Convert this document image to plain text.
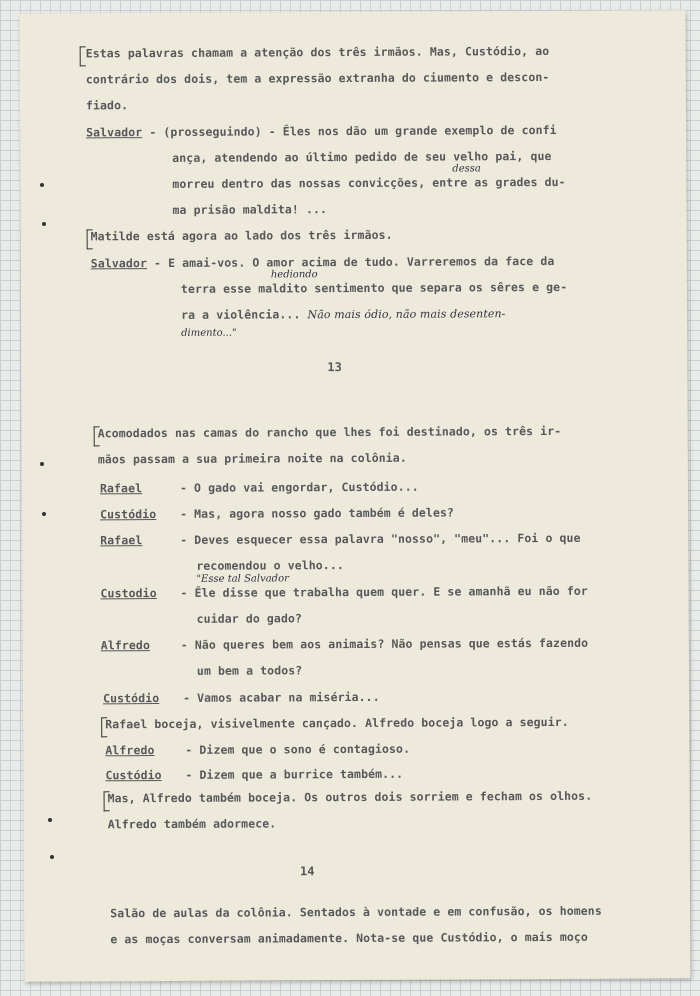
Estas palavras chamam a atenção dos três irmãos. Mas, Custódio, ao
contrário dos dois, tem a expressão extranha do ciumento e descon-
fiado.
Salvador - (prosseguindo) - Êles nos dão um grande exemplo de confi
ança, atendendo ao último pedido de seu velho pai, que
dessa
morreu dentro das nossas convicções, entre as grades du-
ma prisão maldita! ...
Matilde está agora ao lado dos três irmãos.
Salvador - E amai-vos. O amor acima de tudo. Varreremos da face da
hediondo
terra esse maldito sentimento que separa os sêres e ge-
ra a violência... Não mais ódio, não mais desenten-
dimento..."
13
Acomodados nas camas do rancho que lhes foi destinado, os três ir-
mãos passam a sua primeira noite na colônia.
Rafael	- O gado vai engordar, Custódio...
Custódio - Mas, agora nosso gado também é deles?
Rafael	- Deves esquecer essa palavra "nosso", "meu"... Foi o que
recomendou o velho...
"Esse tal Salvador
Custodio - Êle disse que trabalha quem quer. E se amanhã eu não for
cuidar do gado?
Alfredo	- Não queres bem aos animais? Não pensas que estás fazendo
um bem a todos?
Custódio - Vamos acabar na miséria...
Rafael boceja, visivelmente cançado. Alfredo boceja logo a seguir.
Alfredo	- Dizem que o sono é contagioso.
Custódio - Dizem que a burrice também...
Mas, Alfredo também boceja. Os outros dois sorriem e fecham os olhos.
Alfredo também adormece.
14
Salão de aulas da colônia. Sentados à vontade e em confusão, os homens
e as moças conversam animadamente. Nota-se que Custódio, o mais moço
